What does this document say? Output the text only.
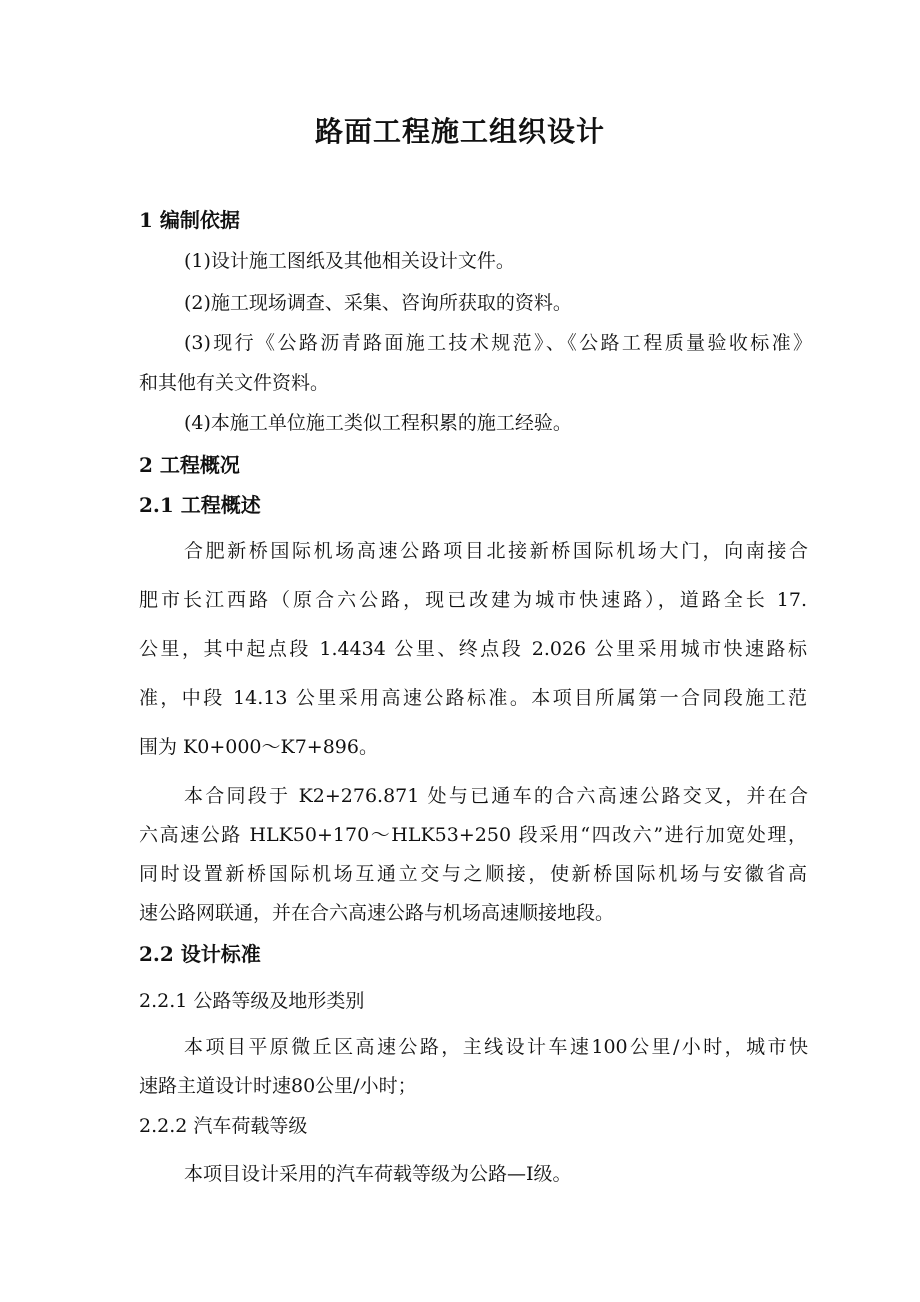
路面工程施工组织设计
1 编制依据
(1)设计施工图纸及其他相关设计文件。
(2)施工现场调查、采集、咨询所获取的资料。
(3)现行《公路沥青路面施工技术规范》、《公路工程质量验收标准》
和其他有关文件资料。
(4)本施工单位施工类似工程积累的施工经验。
2 工程概况
2.1 工程概述
合肥新桥国际机场高速公路项目北接新桥国际机场大门，向南接合
肥市长江西路（原合六公路，现已改建为城市快速路），道路全长 17.
公里，其中起点段 1.4434 公里、终点段 2.026 公里采用城市快速路标
准，中段 14.13 公里采用高速公路标准。本项目所属第一合同段施工范
围为 K0+000～K7+896。
本合同段于 K2+276.871 处与已通车的合六高速公路交叉，并在合
六高速公路 HLK50+170～HLK53+250 段采用“四改六”进行加宽处理，
同时设置新桥国际机场互通立交与之顺接，使新桥国际机场与安徽省高
速公路网联通，并在合六高速公路与机场高速顺接地段。
2.2 设计标准
2.2.1 公路等级及地形类别
本项目平原微丘区高速公路，主线设计车速100公里/小时，城市快
速路主道设计时速80公里/小时；
2.2.2 汽车荷载等级
本项目设计采用的汽车荷载等级为公路—I级。
